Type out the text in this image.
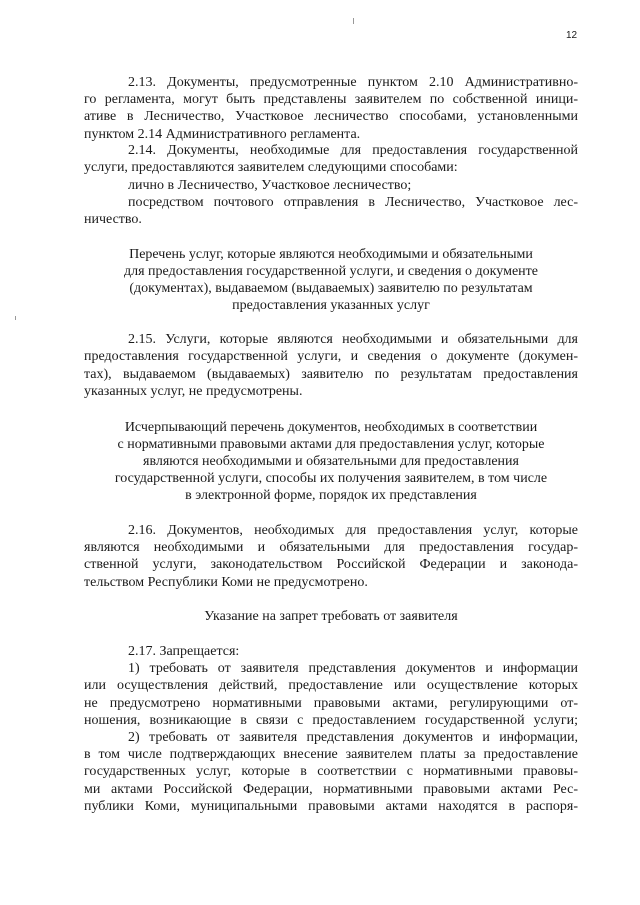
12
2.13. Документы, предусмотренные пунктом 2.10 Административно-
го регламента, могут быть представлены заявителем по собственной иници-
ативе в Лесничество, Участковое лесничество способами, установленными
пунктом 2.14 Административного регламента.
2.14. Документы, необходимые для предоставления государственной
услуги, предоставляются заявителем следующими способами:
лично в Лесничество, Участковое лесничество;
посредством почтового отправления в Лесничество, Участковое лес-
ничество.
Перечень услуг, которые являются необходимыми и обязательными
для предоставления государственной услуги, и сведения о документе
(документах), выдаваемом (выдаваемых) заявителю по результатам
предоставления указанных услуг
2.15. Услуги, которые являются необходимыми и обязательными для
предоставления государственной услуги, и сведения о документе (докумен-
тах), выдаваемом (выдаваемых) заявителю по результатам предоставления
указанных услуг, не предусмотрены.
Исчерпывающий перечень документов, необходимых в соответствии
с нормативными правовыми актами для предоставления услуг, которые
являются необходимыми и обязательными для предоставления
государственной услуги, способы их получения заявителем, в том числе
в электронной форме, порядок их представления
2.16. Документов, необходимых для предоставления услуг, которые
являются необходимыми и обязательными для предоставления государ-
ственной услуги, законодательством Российской Федерации и законода-
тельством Республики Коми не предусмотрено.
Указание на запрет требовать от заявителя
2.17. Запрещается:
1) требовать от заявителя представления документов и информации
или осуществления действий, предоставление или осуществление которых
не предусмотрено нормативными правовыми актами, регулирующими от-
ношения, возникающие в связи с предоставлением государственной услуги;
2) требовать от заявителя представления документов и информации,
в том числе подтверждающих внесение заявителем платы за предоставление
государственных услуг, которые в соответствии с нормативными правовы-
ми актами Российской Федерации, нормативными правовыми актами Рес-
публики Коми, муниципальными правовыми актами находятся в распоря-
